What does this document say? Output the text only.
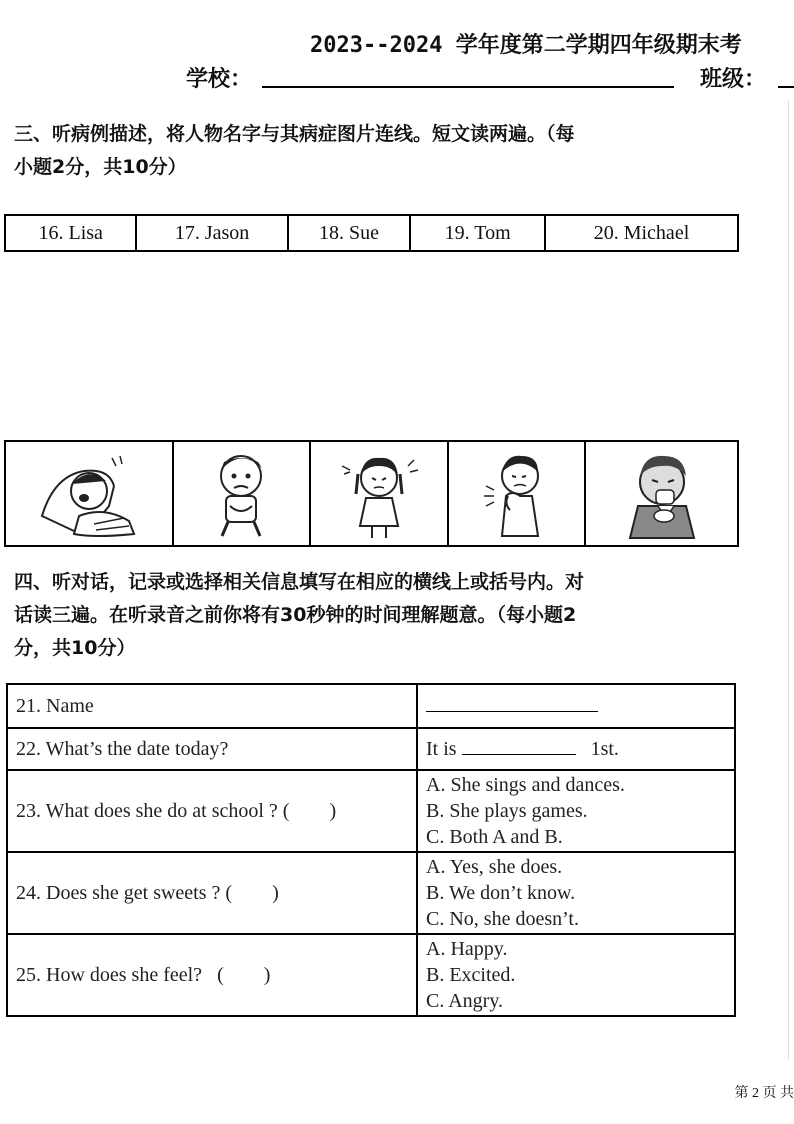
2023--2024 学年度第二学期四年级期末考
学校：	班级：
三、听病例描述，将人物名字与其病症图片连线。短文读两遍。（每
小题2分，共10分）
16. Lisa	17. Jason	18. Sue	19. Tom	20. Michael

四、听对话，记录或选择相关信息填写在相应的横线上或括号内。对
话读三遍。在听录音之前你将有30秒钟的时间理解题意。（每小题2
分，共10分）
21. Name	
22. What’s the date today?	It is 1st.
23. What does she do at school ? (        )	A. She sings and dances.
B. She plays games.
C. Both A and B.

24. Does she get sweets ? (        )	A. Yes, she does.
B. We don’t know.
C. No, she doesn’t.

25. How does she feel? (        )	A. Happy.
B. Excited.
C. Angry.
第 2 页 共
